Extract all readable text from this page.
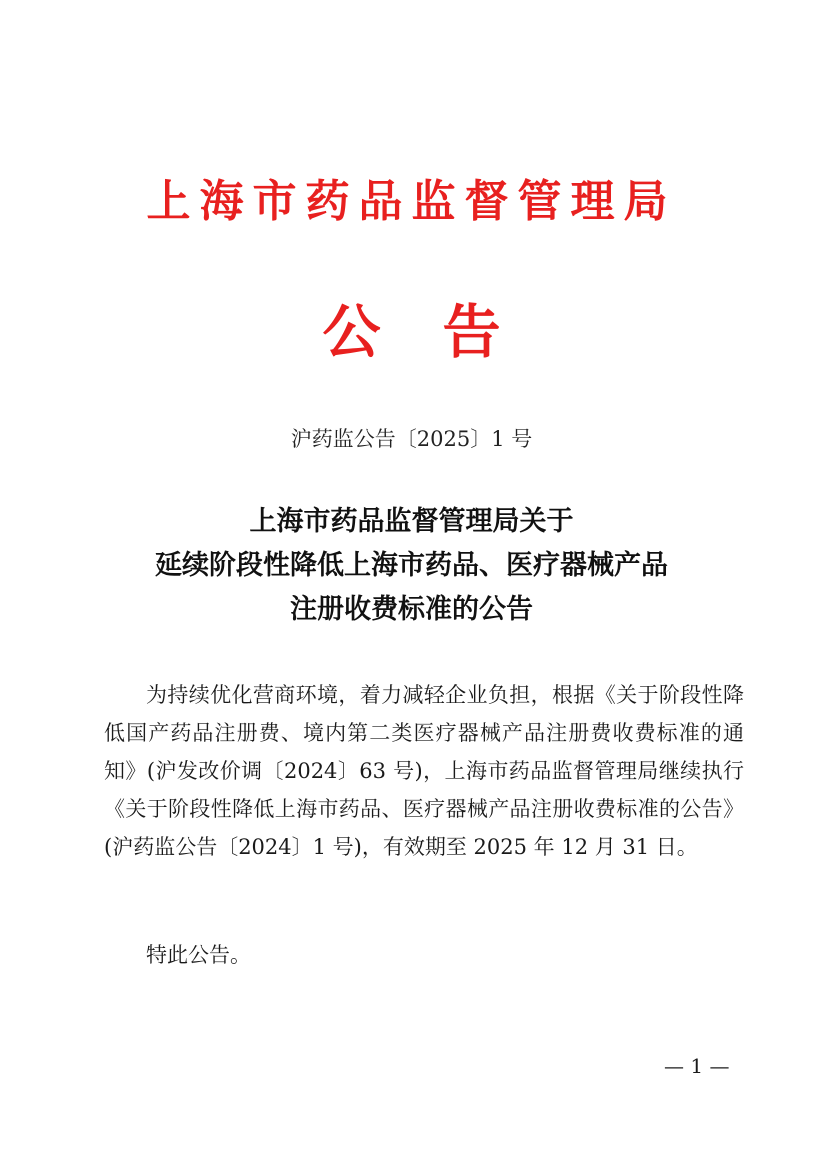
上海市药品监督管理局
公告
沪药监公告〔2025〕1 号
上海市药品监督管理局关于
延续阶段性降低上海市药品、医疗器械产品
注册收费标准的公告
为持续优化营商环境，着力减轻企业负担，根据《关于阶段性降低国产药品注册费、境内第二类医疗器械产品注册费收费标准的通知》(沪发改价调〔2024〕63 号)，上海市药品监督管理局继续执行《关于阶段性降低上海市药品、医疗器械产品注册收费标准的公告》(沪药监公告〔2024〕1 号)，有效期至 2025 年 12 月 31 日。
特此公告。
— 1 —
